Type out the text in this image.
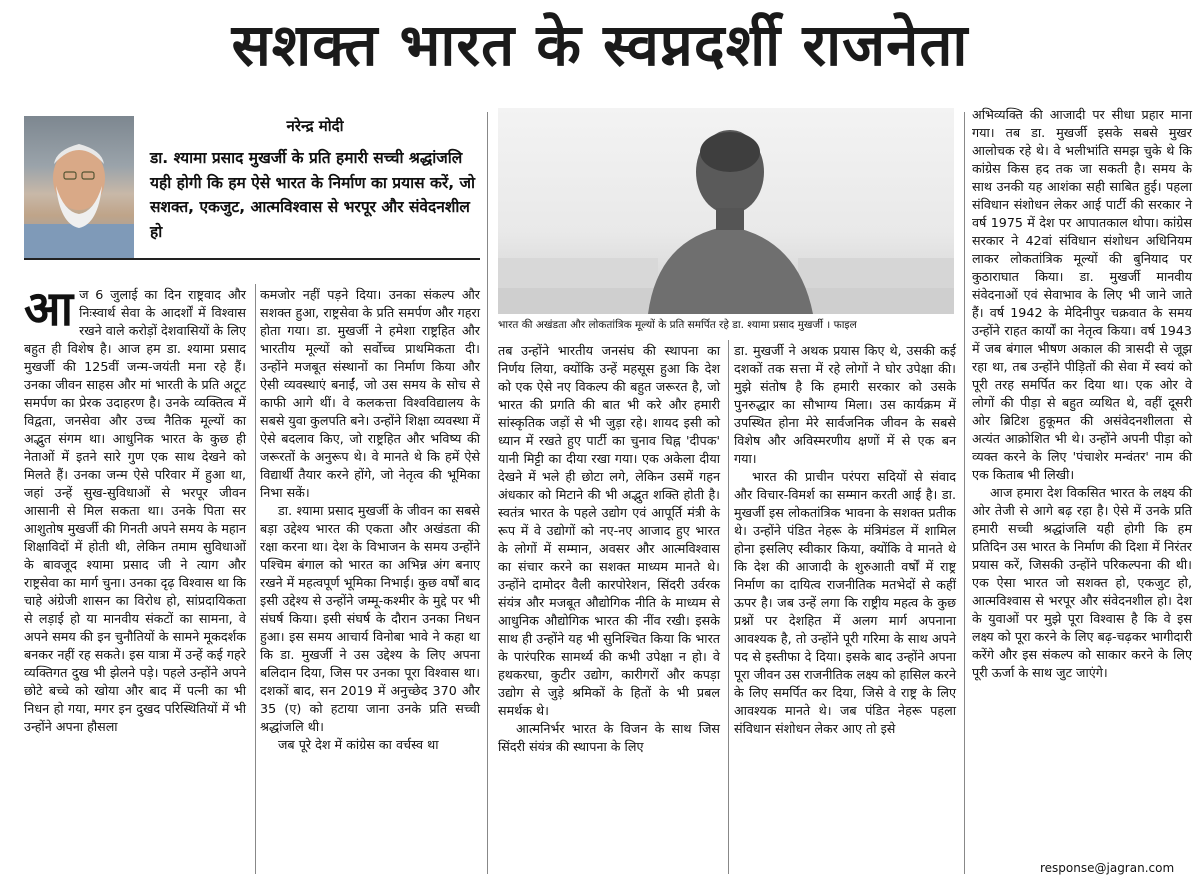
सशक्त भारत के स्वप्नदर्शी राजनेता
नरेन्द्र मोदी
डा. श्यामा प्रसाद मुखर्जी के प्रति हमारी सच्ची श्रद्धांजलि यही होगी कि हम ऐसे भारत के निर्माण का प्रयास करें, जो सशक्त, एकजुट, आत्मविश्वास से भरपूर और संवेदनशील हो
भारत की अखंडता और लोकतांत्रिक मूल्यों के प्रति समर्पित रहे डा. श्यामा प्रसाद मुखर्जी । फाइल

आज 6 जुलाई का दिन राष्ट्रवाद और निःस्वार्थ सेवा के आदर्शों में विश्वास रखने वाले करोड़ों देशवासियों के लिए बहुत ही विशेष है। आज हम डा. श्यामा प्रसाद मुखर्जी की 125वीं जन्म-जयंती मना रहे हैं। उनका जीवन साहस और मां भारती के प्रति अटूट समर्पण का प्रेरक उदाहरण है। उनके व्यक्तित्व में विद्वता, जनसेवा और उच्च नैतिक मूल्यों का अद्भुत संगम था। आधुनिक भारत के कुछ ही नेताओं में इतने सारे गुण एक साथ देखने को मिलते हैं। उनका जन्म ऐसे परिवार में हुआ था, जहां उन्हें सुख-सुविधाओं से भरपूर जीवन आसानी से मिल सकता था। उनके पिता सर आशुतोष मुखर्जी की गिनती अपने समय के महान शिक्षाविदों में होती थी, लेकिन तमाम सुविधाओं के बावजूद श्यामा प्रसाद जी ने त्याग और राष्ट्रसेवा का मार्ग चुना। उनका दृढ़ विश्वास था कि चाहे अंग्रेजी शासन का विरोध हो, सांप्रदायिकता से लड़ाई हो या मानवीय संकटों का सामना, वे अपने समय की इन चुनौतियों के सामने मूकदर्शक बनकर नहीं रह सकते। इस यात्रा में उन्हें कई गहरे व्यक्तिगत दुख भी झेलने पड़े। पहले उन्होंने अपने छोटे बच्चे को खोया और बाद में पत्नी का भी निधन हो गया, मगर इन दुखद परिस्थितियों में भी उन्होंने अपना हौसला

कमजोर नहीं पड़ने दिया। उनका संकल्प और सशक्त हुआ, राष्ट्रसेवा के प्रति समर्पण और गहरा होता गया। डा. मुखर्जी ने हमेशा राष्ट्रहित और भारतीय मूल्यों को सर्वोच्च प्राथमिकता दी। उन्होंने मजबूत संस्थानों का निर्माण किया और ऐसी व्यवस्थाएं बनाईं, जो उस समय के सोच से काफी आगे थीं। वे कलकत्ता विश्वविद्यालय के सबसे युवा कुलपति बने। उन्होंने शिक्षा व्यवस्था में ऐसे बदलाव किए, जो राष्ट्रहित और भविष्य की जरूरतों के अनुरूप थे। वे मानते थे कि हमें ऐसे विद्यार्थी तैयार करने होंगे, जो नेतृत्व की भूमिका निभा सकें।

डा. श्यामा प्रसाद मुखर्जी के जीवन का सबसे बड़ा उद्देश्य भारत की एकता और अखंडता की रक्षा करना था। देश के विभाजन के समय उन्होंने पश्चिम बंगाल को भारत का अभिन्न अंग बनाए रखने में महत्वपूर्ण भूमिका निभाई। कुछ वर्षों बाद इसी उद्देश्य से उन्होंने जम्मू-कश्मीर के मुद्दे पर भी संघर्ष किया। इसी संघर्ष के दौरान उनका निधन हुआ। इस समय आचार्य विनोबा भावे ने कहा था कि डा. मुखर्जी ने उस उद्देश्य के लिए अपना बलिदान दिया, जिस पर उनका पूरा विश्वास था। दशकों बाद, सन 2019 में अनुच्छेद 370 और 35 (ए) को हटाया जाना उनके प्रति सच्ची श्रद्धांजलि थी।

जब पूरे देश में कांग्रेस का वर्चस्व था

तब उन्होंने भारतीय जनसंघ की स्थापना का निर्णय लिया, क्योंकि उन्हें महसूस हुआ कि देश को एक ऐसे नए विकल्प की बहुत जरूरत है, जो भारत की प्रगति की बात भी करे और हमारी सांस्कृतिक जड़ों से भी जुड़ा रहे। शायद इसी को ध्यान में रखते हुए पार्टी का चुनाव चिह्न 'दीपक' यानी मिट्टी का दीया रखा गया। एक अकेला दीया देखने में भले ही छोटा लगे, लेकिन उसमें गहन अंधकार को मिटाने की भी अद्भुत शक्ति होती है। स्वतंत्र भारत के पहले उद्योग एवं आपूर्ति मंत्री के रूप में वे उद्योगों को नए-नए आजाद हुए भारत के लोगों में सम्मान, अवसर और आत्मविश्वास का संचार करने का सशक्त माध्यम मानते थे। उन्होंने दामोदर वैली कारपोरेशन, सिंदरी उर्वरक संयंत्र और मजबूत औद्योगिक नीति के माध्यम से आधुनिक औद्योगिक भारत की नींव रखी। इसके साथ ही उन्होंने यह भी सुनिश्चित किया कि भारत के पारंपरिक सामर्थ्य की कभी उपेक्षा न हो। वे हथकरघा, कुटीर उद्योग, कारीगरों और कपड़ा उद्योग से जुड़े श्रमिकों के हितों के भी प्रबल समर्थक थे।

आत्मनिर्भर भारत के विजन के साथ जिस सिंदरी संयंत्र की स्थापना के लिए

डा. मुखर्जी ने अथक प्रयास किए थे, उसकी कई दशकों तक सत्ता में रहे लोगों ने घोर उपेक्षा की। मुझे संतोष है कि हमारी सरकार को उसके पुनरुद्धार का सौभाग्य मिला। उस कार्यक्रम में उपस्थित होना मेरे सार्वजनिक जीवन के सबसे विशेष और अविस्मरणीय क्षणों में से एक बन गया।

भारत की प्राचीन परंपरा सदियों से संवाद और विचार-विमर्श का सम्मान करती आई है। डा. मुखर्जी इस लोकतांत्रिक भावना के सशक्त प्रतीक थे। उन्होंने पंडित नेहरू के मंत्रिमंडल में शामिल होना इसलिए स्वीकार किया, क्योंकि वे मानते थे कि देश की आजादी के शुरुआती वर्षों में राष्ट्र निर्माण का दायित्व राजनीतिक मतभेदों से कहीं ऊपर है। जब उन्हें लगा कि राष्ट्रीय महत्व के कुछ प्रश्नों पर देशहित में अलग मार्ग अपनाना आवश्यक है, तो उन्होंने पूरी गरिमा के साथ अपने पद से इस्तीफा दे दिया। इसके बाद उन्होंने अपना पूरा जीवन उस राजनीतिक लक्ष्य को हासिल करने के लिए समर्पित कर दिया, जिसे वे राष्ट्र के लिए आवश्यक मानते थे। जब पंडित नेहरू पहला संविधान संशोधन लेकर आए तो इसे

अभिव्यक्ति की आजादी पर सीधा प्रहार माना गया। तब डा. मुखर्जी इसके सबसे मुखर आलोचक रहे थे। वे भलीभांति समझ चुके थे कि कांग्रेस किस हद तक जा सकती है। समय के साथ उनकी यह आशंका सही साबित हुई। पहला संविधान संशोधन लेकर आई पार्टी की सरकार ने वर्ष 1975 में देश पर आपातकाल थोपा। कांग्रेस सरकार ने 42वां संविधान संशोधन अधिनियम लाकर लोकतांत्रिक मूल्यों की बुनियाद पर कुठाराघात किया। डा. मुखर्जी मानवीय संवेदनाओं एवं सेवाभाव के लिए भी जाने जाते हैं। वर्ष 1942 के मेदिनीपुर चक्रवात के समय उन्होंने राहत कार्यों का नेतृत्व किया। वर्ष 1943 में जब बंगाल भीषण अकाल की त्रासदी से जूझ रहा था, तब उन्होंने पीड़ितों की सेवा में स्वयं को पूरी तरह समर्पित कर दिया था। एक ओर वे लोगों की पीड़ा से बहुत व्यथित थे, वहीं दूसरी ओर ब्रिटिश हुकूमत की असंवेदनशीलता से अत्यंत आक्रोशित भी थे। उन्होंने अपनी पीड़ा को व्यक्त करने के लिए 'पंचाशेर मन्वंतर' नाम की एक किताब भी लिखी।

आज हमारा देश विकसित भारत के लक्ष्य की ओर तेजी से आगे बढ़ रहा है। ऐसे में उनके प्रति हमारी सच्ची श्रद्धांजलि यही होगी कि हम प्रतिदिन उस भारत के निर्माण की दिशा में निरंतर प्रयास करें, जिसकी उन्होंने परिकल्पना की थी। एक ऐसा भारत जो सशक्त हो, एकजुट हो, आत्मविश्वास से भरपूर और संवेदनशील हो। देश के युवाओं पर मुझे पूरा विश्वास है कि वे इस लक्ष्य को पूरा करने के लिए बढ़-चढ़कर भागीदारी करेंगे और इस संकल्प को साकार करने के लिए पूरी ऊर्जा के साथ जुट जाएंगे।

response@jagran.com
